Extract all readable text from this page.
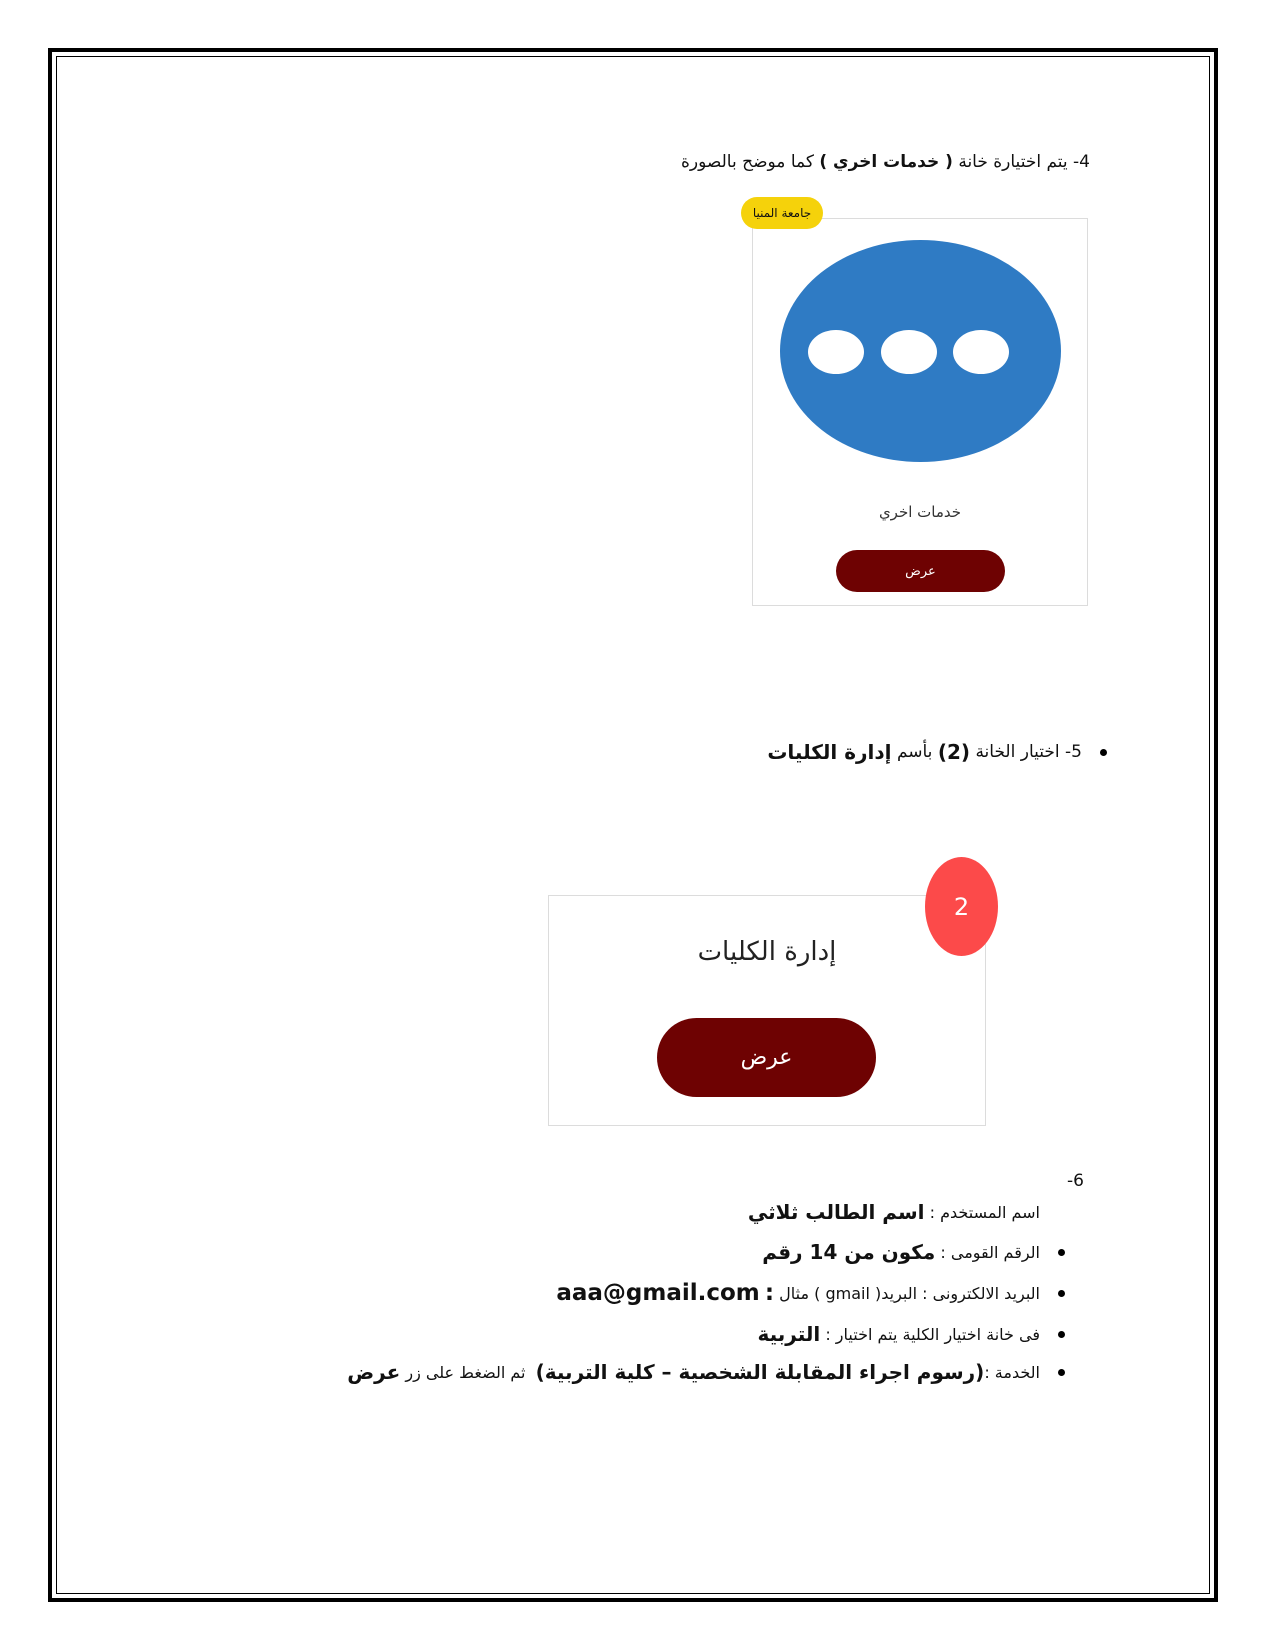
4- يتم اختيارة خانة ( خدمات اخري ) كما موضح بالصورة
جامعة المنيا
خدمات اخري
عرض
5- اختيار الخانة

(2)

بأسم

إدارة الكليات
إدارة الكليات
عرض
2
-6
اسم المستخدم :

اسم الطالب ثلاثي
الرقم القومى :

مكون من 14 رقم
البريد الالكترونى : البريد( gmail ) مثال

:

aaa@gmail.com
فى خانة اختيار الكلية يتم اختيار :

التربية
الخدمة :
(رسوم اجراء المقابلة الشخصية – كلية التربية)

ثم الضغط على زر

عرض
